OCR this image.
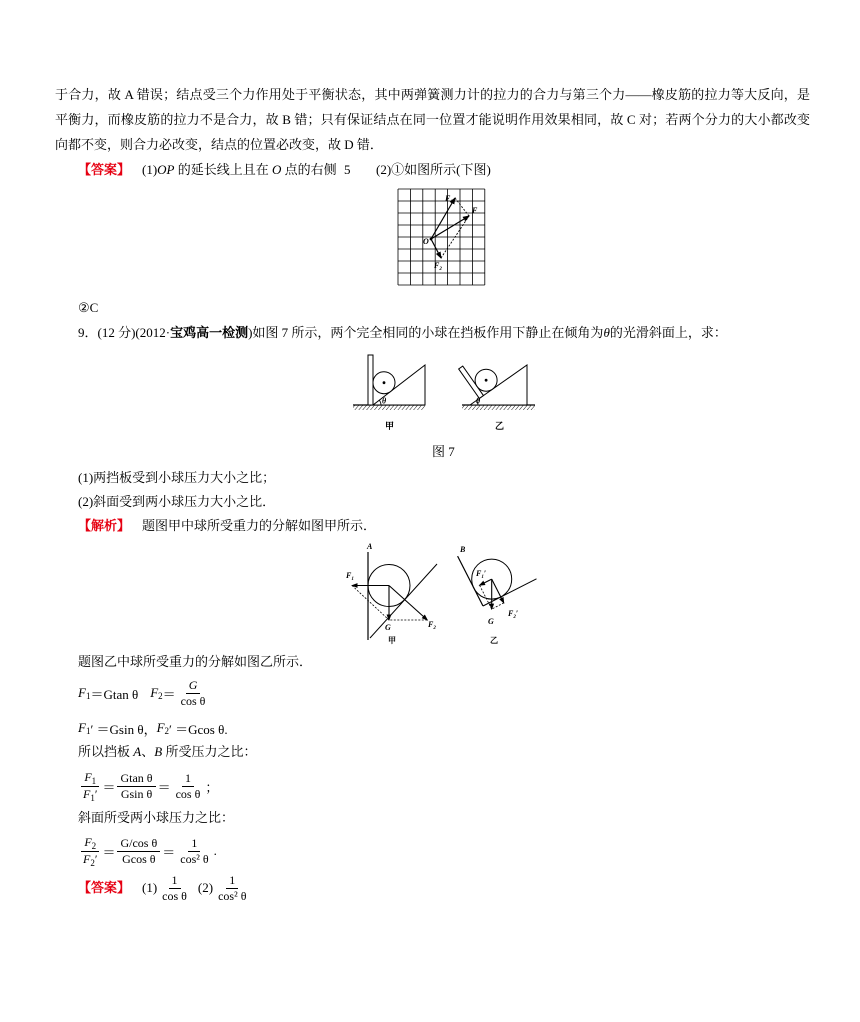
于合力，故 A 错误；结点受三个力作用处于平衡状态，其中两弹簧测力计的拉力的合力与第三个力——橡皮筋的拉力等大反向，是
平衡力，而橡皮筋的拉力不是合力，故 B 错；只有保证结点在同一位置才能说明作用效果相同，故 C 对；若两个分力的大小都改变
向都不变，则合力必改变，结点的位置必改变，故 D 错．
【答案】 (1)OP 的延长线上且在 O 点的右侧 5 (2)①如图所示(下图)
$F_1$
F
O
$F_2$
②C
9．(12 分)(2012·宝鸡高一检测)如图 7 所示，两个完全相同的小球在挡板作用下静止在倾角为θ的光滑斜面上，求：
θ
甲
θ
乙
图 7
(1)两挡板受到小球压力大小之比；
(2)斜面受到两小球压力大小之比．
【解析】 题图甲中球所受重力的分解如图甲所示．
A
$F_1$
G	$F_2$
甲
B
$F_1'$
G
$F_2'$
乙
题图乙中球所受重力的分解如图乙所示．
F 1 ＝Gtan θ F $2 = \frac{G}{\text{cos θ}}$
F 1 ′ ＝Gsin θ， F 2 ′ ＝Gcos θ.
所以挡板 A、B 所受压力之比：
$\frac{F_1}{F_1'} = \frac{\text{Gtan θ}}{\text{Gsin θ}} = \frac{1}{\text{cos θ}}$ ；
斜面所受两小球压力之比：
$\frac{F_2}{F_2'} = \frac{\text{G/cos θ}}{\text{Gcos θ}} = \frac{1}{\text{cos² θ}}$ .
【答案】 $(1) \frac{1}{\text{cos θ}} (2) \frac{1}{\text{cos² θ}}$
